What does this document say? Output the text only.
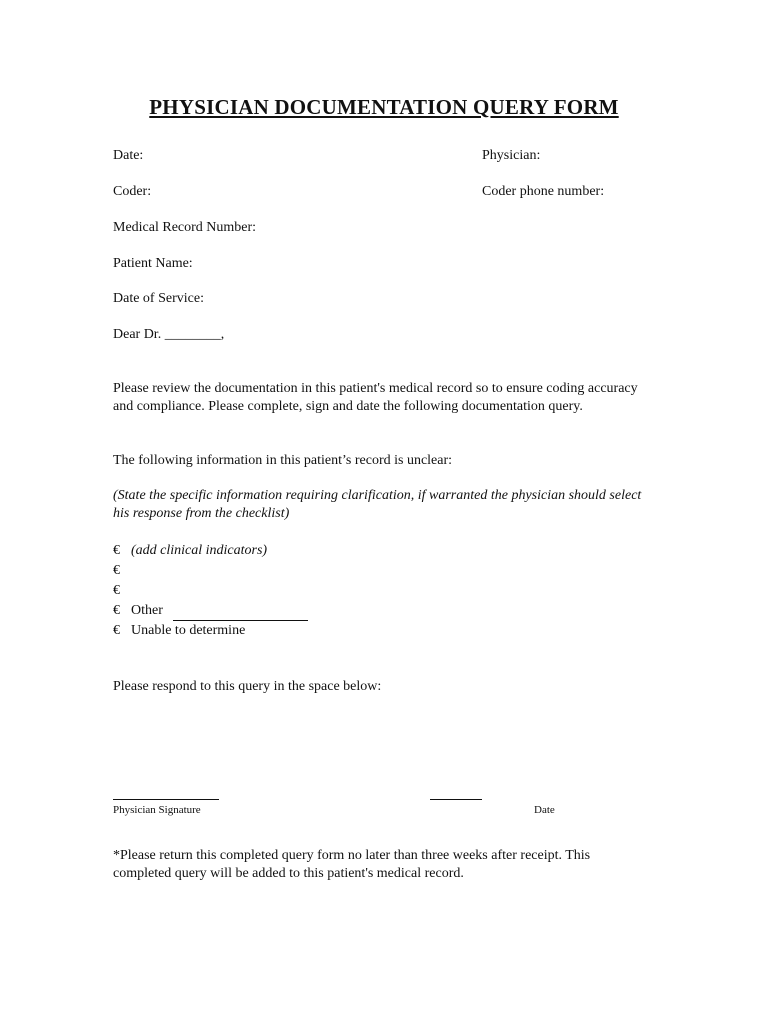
PHYSICIAN DOCUMENTATION QUERY FORM
Date:	Physician:
Coder:	Coder phone number:
Medical Record Number:
Patient Name:
Date of Service:
Dear Dr. ________,
Please review the documentation in this patient's medical record so to ensure coding accuracy and compliance. Please complete, sign and date the following documentation query.
The following information in this patient’s record is unclear:
(State the specific information requiring clarification, if warranted the physician should select his response from the checklist)
€ (add clinical indicators)
€
€
€ Other
€ Unable to determine
Please respond to this query in the space below:
Physician Signature	Date
*Please return this completed query form no later than three weeks after receipt. This completed query will be added to this patient's medical record.
